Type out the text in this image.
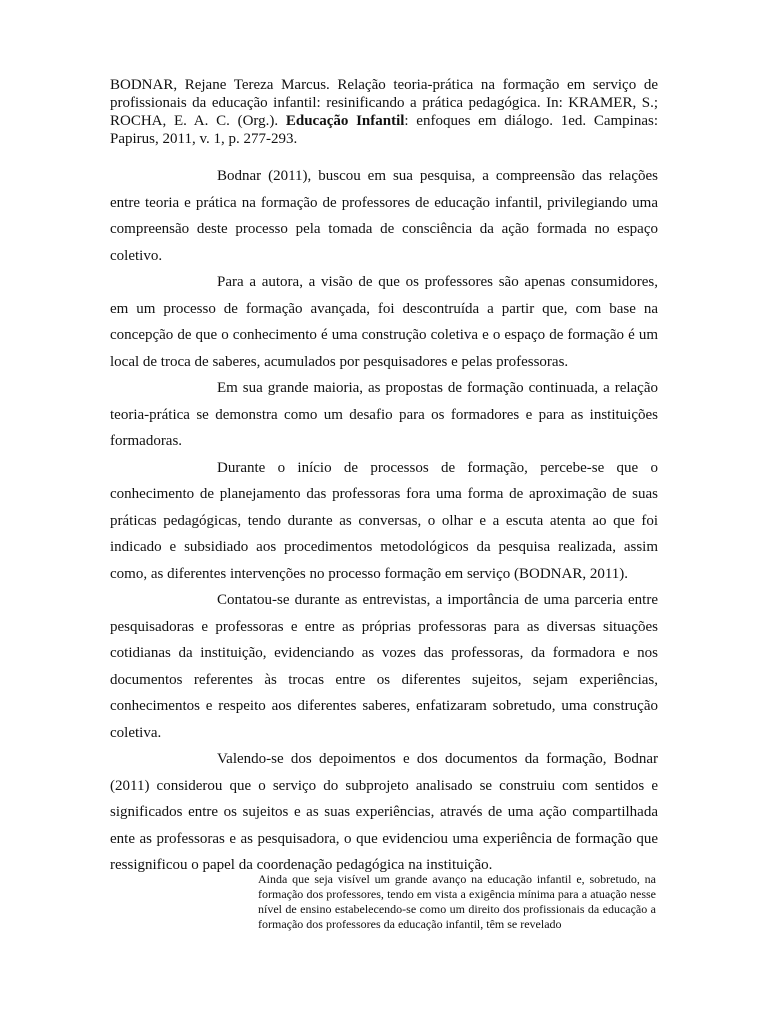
BODNAR, Rejane Tereza Marcus. Relação teoria-prática na formação em serviço de profissionais da educação infantil: resinificando a prática pedagógica. In: KRAMER, S.; ROCHA, E. A. C. (Org.). Educação Infantil: enfoques em diálogo. 1ed. Campinas: Papirus, 2011, v. 1, p. 277-293.

Bodnar (2011), buscou em sua pesquisa, a compreensão das relações entre teoria e prática na formação de professores de educação infantil, privilegiando uma compreensão deste processo pela tomada de consciência da ação formada no espaço coletivo.

Para a autora, a visão de que os professores são apenas consumidores, em um processo de formação avançada, foi descontruída a partir que, com base na concepção de que o conhecimento é uma construção coletiva e o espaço de formação é um local de troca de saberes, acumulados por pesquisadores e pelas professoras.

Em sua grande maioria, as propostas de formação continuada, a relação teoria-prática se demonstra como um desafio para os formadores e para as instituições formadoras.

Durante o início de processos de formação, percebe-se que o conhecimento de planejamento das professoras fora uma forma de aproximação de suas práticas pedagógicas, tendo durante as conversas, o olhar e a escuta atenta ao que foi indicado e subsidiado aos procedimentos metodológicos da pesquisa realizada, assim como, as diferentes intervenções no processo formação em serviço (BODNAR, 2011).

Contatou-se durante as entrevistas, a importância de uma parceria entre pesquisadoras e professoras e entre as próprias professoras para as diversas situações cotidianas da instituição, evidenciando as vozes das professoras, da formadora e nos documentos referentes às trocas entre os diferentes sujeitos, sejam experiências, conhecimentos e respeito aos diferentes saberes, enfatizaram sobretudo, uma construção coletiva.

Valendo-se dos depoimentos e dos documentos da formação, Bodnar (2011) considerou que o serviço do subprojeto analisado se construiu com sentidos e significados entre os sujeitos e as suas experiências, através de uma ação compartilhada ente as professoras e as pesquisadora, o que evidenciou uma experiência de formação que ressignificou o papel da coordenação pedagógica na instituição.

Ainda que seja visível um grande avanço na educação infantil e, sobretudo, na formação dos professores, tendo em vista a exigência mínima para a atuação nesse nível de ensino estabelecendo-se como um direito dos profissionais da educação a formação dos professores da educação infantil, têm se revelado
